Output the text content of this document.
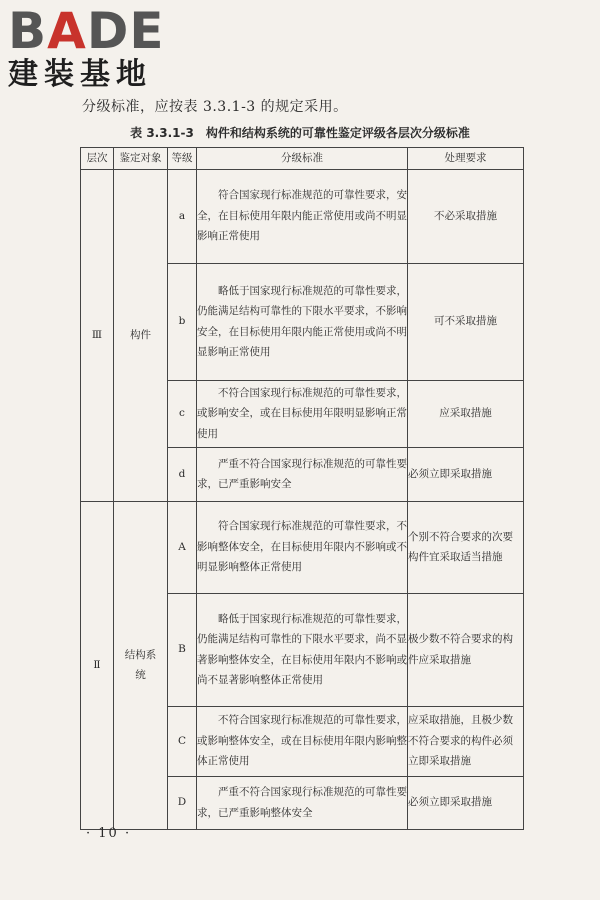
BADE
建装基地
分级标准，应按表 3.3.1-3 的规定采用。
表 3.3.1-3　构件和结构系统的可靠性鉴定评级各层次分级标准
层次	鉴定对象	等级	分级标准	处理要求
Ⅲ	构件	a	符合国家现行标准规范的可靠性要求，安全，在目标使用年限内能正常使用或尚不明显影响正常使用	不必采取措施
		b	略低于国家现行标准规范的可靠性要求，仍能满足结构可靠性的下限水平要求，不影响安全，在目标使用年限内能正常使用或尚不明显影响正常使用	可不采取措施
		c	不符合国家现行标准规范的可靠性要求，或影响安全，或在目标使用年限明显影响正常使用	应采取措施
		d	严重不符合国家现行标准规范的可靠性要求，已严重影响安全	必须立即采取措施
Ⅱ	结构系统	A	符合国家现行标准规范的可靠性要求，不影响整体安全，在目标使用年限内不影响或不明显影响整体正常使用	个别不符合要求的次要构件宜采取适当措施
		B	略低于国家现行标准规范的可靠性要求，仍能满足结构可靠性的下限水平要求，尚不显著影响整体安全，在目标使用年限内不影响或尚不显著影响整体正常使用	极少数不符合要求的构件应采取措施
		C	不符合国家现行标准规范的可靠性要求，或影响整体安全，或在目标使用年限内影响整体正常使用	应采取措施，且极少数不符合要求的构件必须立即采取措施
		D	严重不符合国家现行标准规范的可靠性要求，已严重影响整体安全	必须立即采取措施
· 10 ·
